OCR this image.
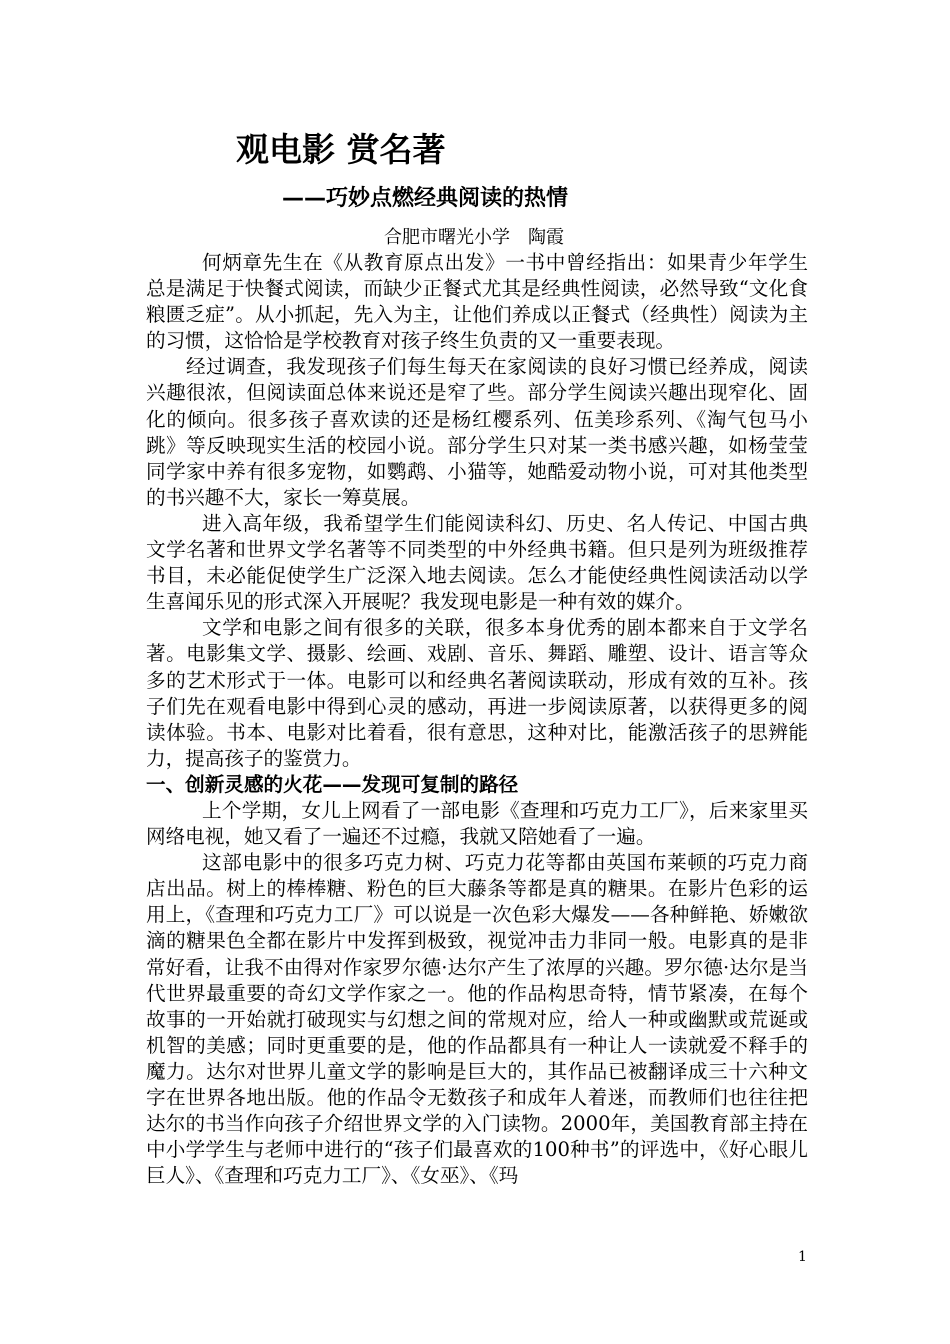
观电影 赏名著
——巧妙点燃经典阅读的热情
合肥市曙光小学　陶霞

何炳章先生在《从教育原点出发》一书中曾经指出：如果青少年学生总是满足于快餐式阅读，而缺少正餐式尤其是经典性阅读，必然导致“文化食粮匮乏症”。从小抓起，先入为主，让他们养成以正餐式（经典性）阅读为主的习惯，这恰恰是学校教育对孩子终生负责的又一重要表现。

经过调查，我发现孩子们每生每天在家阅读的良好习惯已经养成，阅读兴趣很浓，但阅读面总体来说还是窄了些。部分学生阅读兴趣出现窄化、固化的倾向。很多孩子喜欢读的还是杨红樱系列、伍美珍系列、《淘气包马小跳》等反映现实生活的校园小说。部分学生只对某一类书感兴趣，如杨莹莹同学家中养有很多宠物，如鹦鹉、小猫等，她酷爱动物小说，可对其他类型的书兴趣不大，家长一筹莫展。

进入高年级，我希望学生们能阅读科幻、历史、名人传记、中国古典文学名著和世界文学名著等不同类型的中外经典书籍。但只是列为班级推荐书目，未必能促使学生广泛深入地去阅读。怎么才能使经典性阅读活动以学生喜闻乐见的形式深入开展呢？我发现电影是一种有效的媒介。

文学和电影之间有很多的关联，很多本身优秀的剧本都来自于文学名著。电影集文学、摄影、绘画、戏剧、音乐、舞蹈、雕塑、设计、语言等众多的艺术形式于一体。电影可以和经典名著阅读联动，形成有效的互补。孩子们先在观看电影中得到心灵的感动，再进一步阅读原著，以获得更多的阅读体验。书本、电影对比着看，很有意思，这种对比，能激活孩子的思辨能力，提高孩子的鉴赏力。

一、创新灵感的火花——发现可复制的路径

上个学期，女儿上网看了一部电影《查理和巧克力工厂》，后来家里买网络电视，她又看了一遍还不过瘾，我就又陪她看了一遍。

这部电影中的很多巧克力树、巧克力花等都由英国布莱顿的巧克力商店出品。树上的棒棒糖、粉色的巨大藤条等都是真的糖果。在影片色彩的运用上，《查理和巧克力工厂》可以说是一次色彩大爆发——各种鲜艳、娇嫩欲滴的糖果色全都在影片中发挥到极致，视觉冲击力非同一般。电影真的是非常好看，让我不由得对作家罗尔德·达尔产生了浓厚的兴趣。罗尔德·达尔是当代世界最重要的奇幻文学作家之一。他的作品构思奇特，情节紧凑，在每个故事的一开始就打破现实与幻想之间的常规对应，给人一种或幽默或荒诞或机智的美感；同时更重要的是，他的作品都具有一种让人一读就爱不释手的魔力。达尔对世界儿童文学的影响是巨大的，其作品已被翻译成三十六种文字在世界各地出版。他的作品令无数孩子和成年人着迷，而教师们也往往把达尔的书当作向孩子介绍世界文学的入门读物。2000年，美国教育部主持在中小学学生与老师中进行的“孩子们最喜欢的100种书”的评选中，《好心眼儿巨人》、《查理和巧克力工厂》、《女巫》、《玛

1
